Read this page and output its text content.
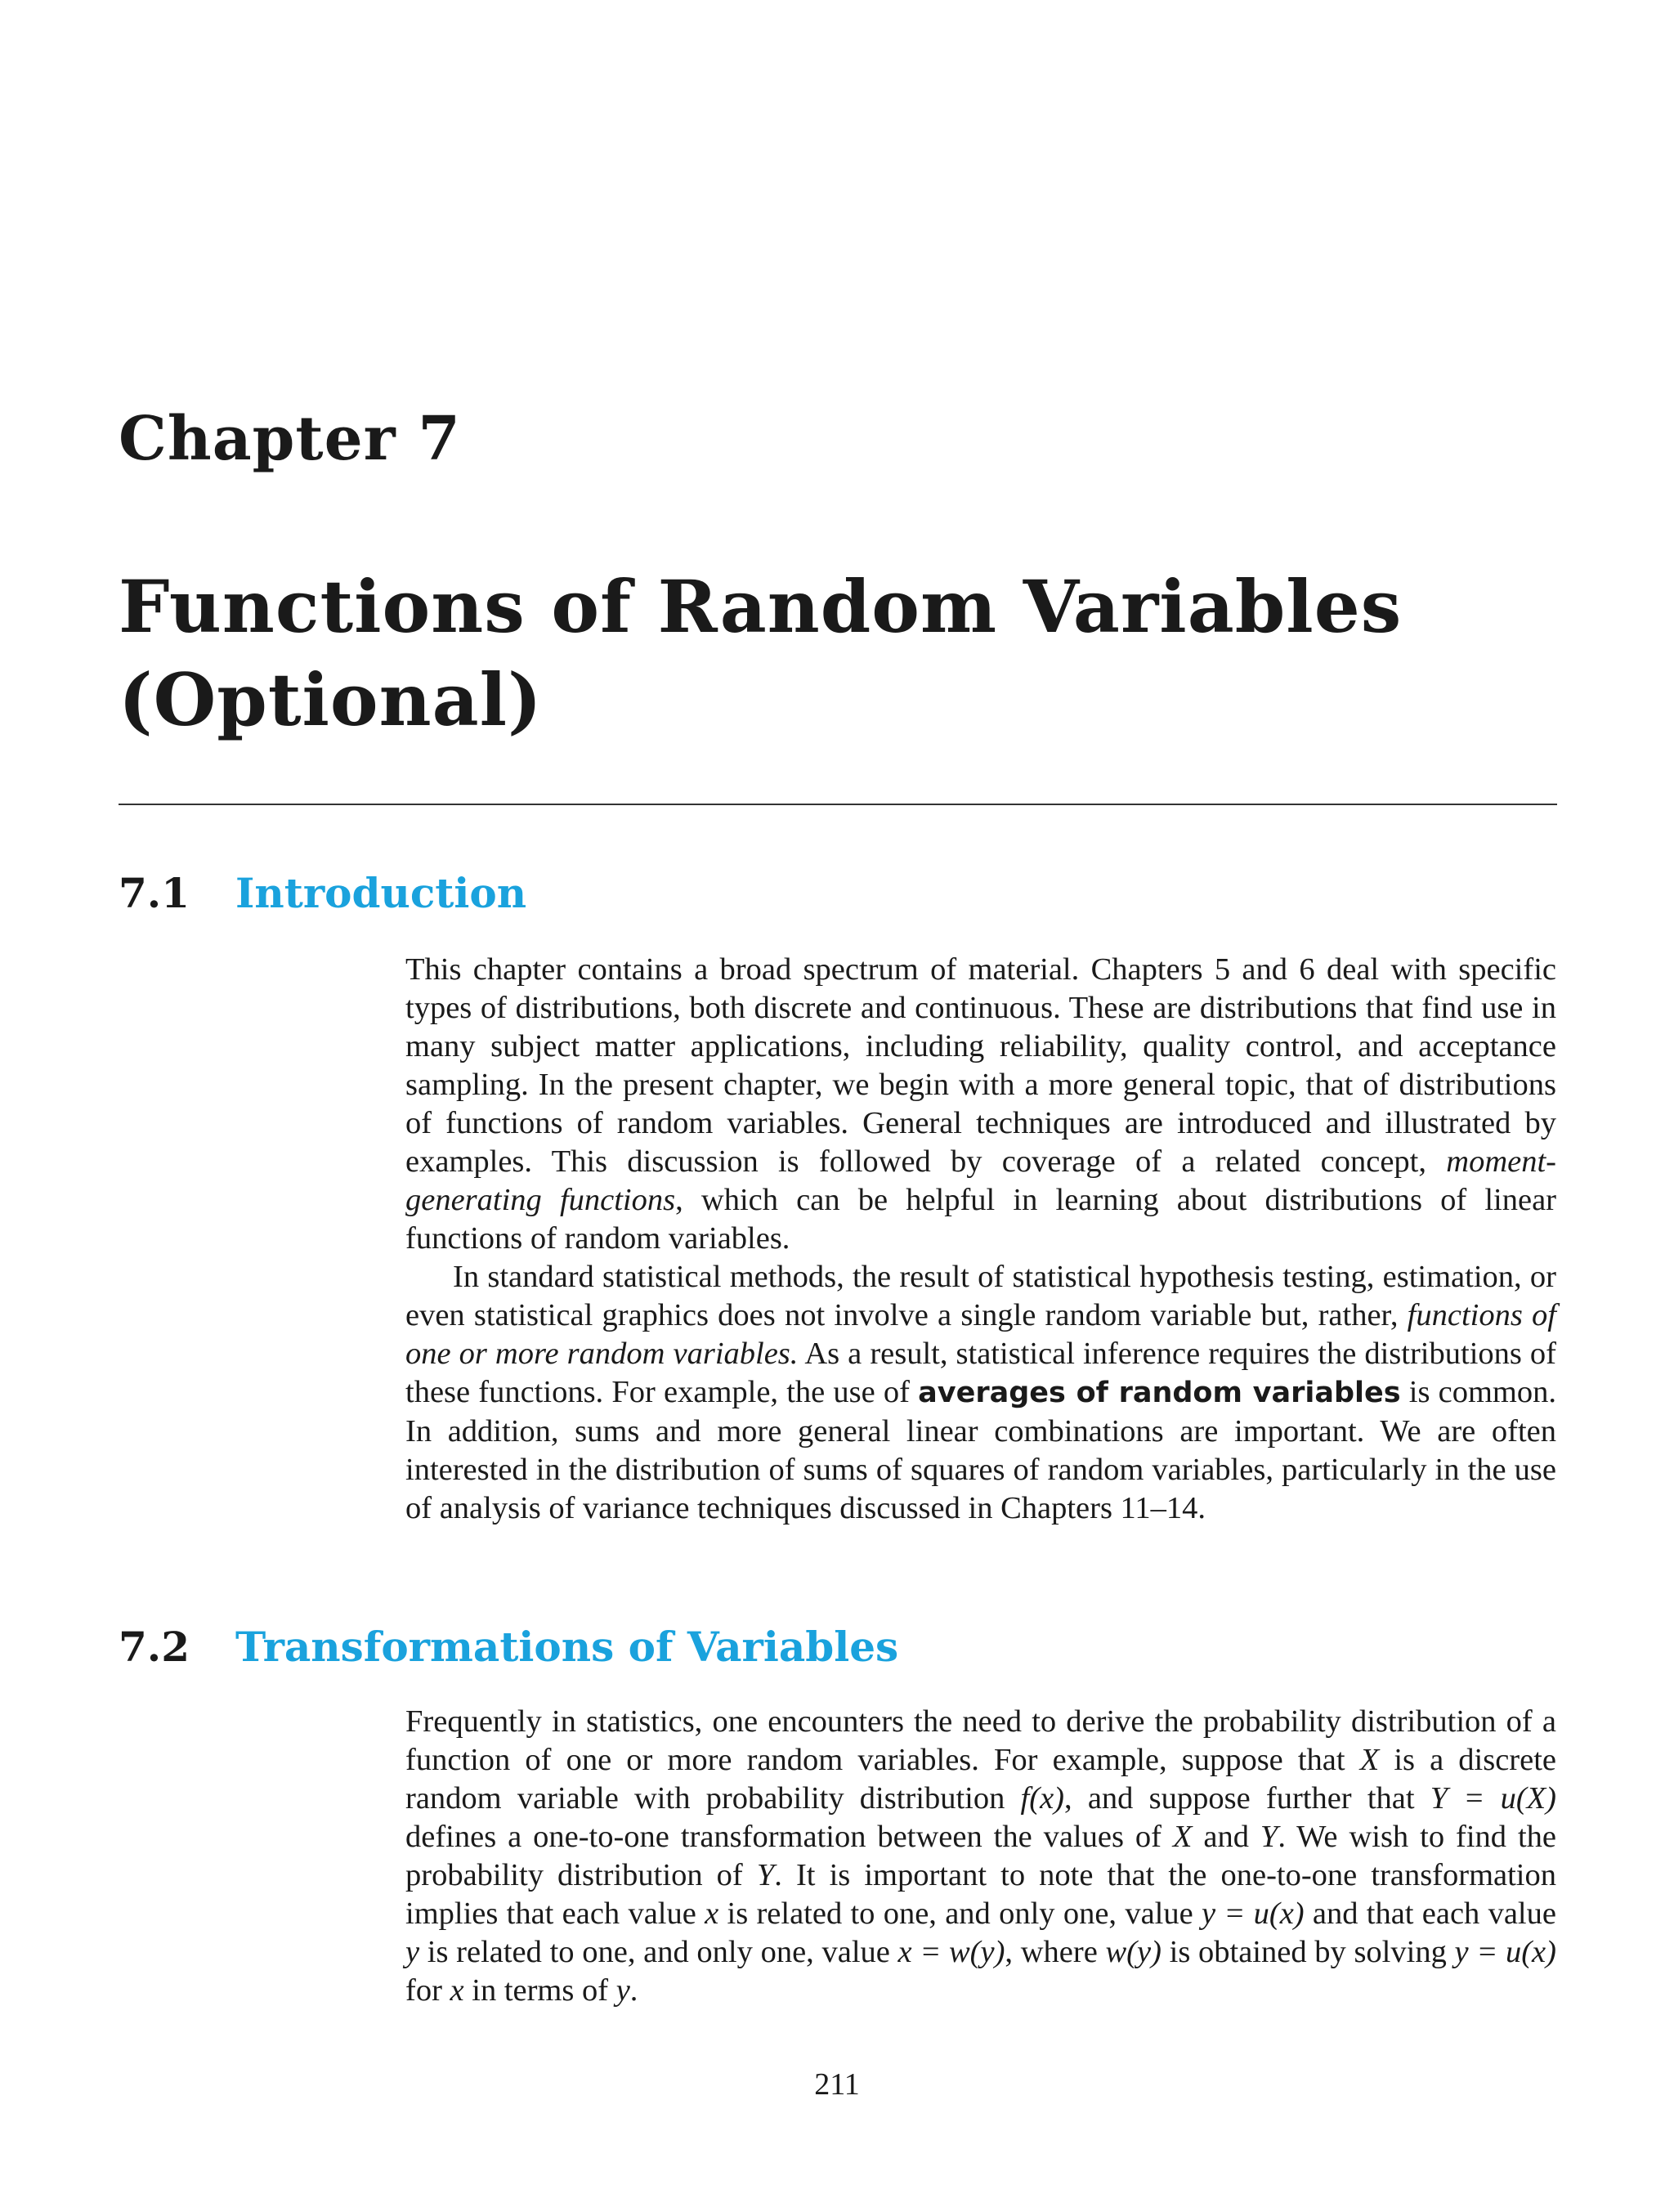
Chapter 7
Functions of Random Variables
(Optional)
7.1 Introduction

This chapter contains a broad spectrum of material. Chapters 5 and 6 deal with specific types of distributions, both discrete and continuous. These are distributions that find use in many subject matter applications, including reliability, quality control, and acceptance sampling. In the present chapter, we begin with a more general topic, that of distributions of functions of random variables. General techniques are introduced and illustrated by examples. This discussion is followed by coverage of a related concept, moment-generating functions, which can be helpful in learning about distributions of linear functions of random variables.

In standard statistical methods, the result of statistical hypothesis testing, estimation, or even statistical graphics does not involve a single random variable but, rather, functions of one or more random variables. As a result, statistical inference requires the distributions of these functions. For example, the use of averages of random variables is common. In addition, sums and more general linear combinations are important. We are often interested in the distribution of sums of squares of random variables, particularly in the use of analysis of variance techniques discussed in Chapters 11–14.

7.2 Transformations of Variables

Frequently in statistics, one encounters the need to derive the probability distribution of a function of one or more random variables. For example, suppose that X is a discrete random variable with probability distribution f(x), and suppose further that Y = u(X) defines a one-to-one transformation between the values of X and Y. We wish to find the probability distribution of Y. It is important to note that the one-to-one transformation implies that each value x is related to one, and only one, value y = u(x) and that each value y is related to one, and only one, value x = w(y), where w(y) is obtained by solving y = u(x) for x in terms of y.

211
